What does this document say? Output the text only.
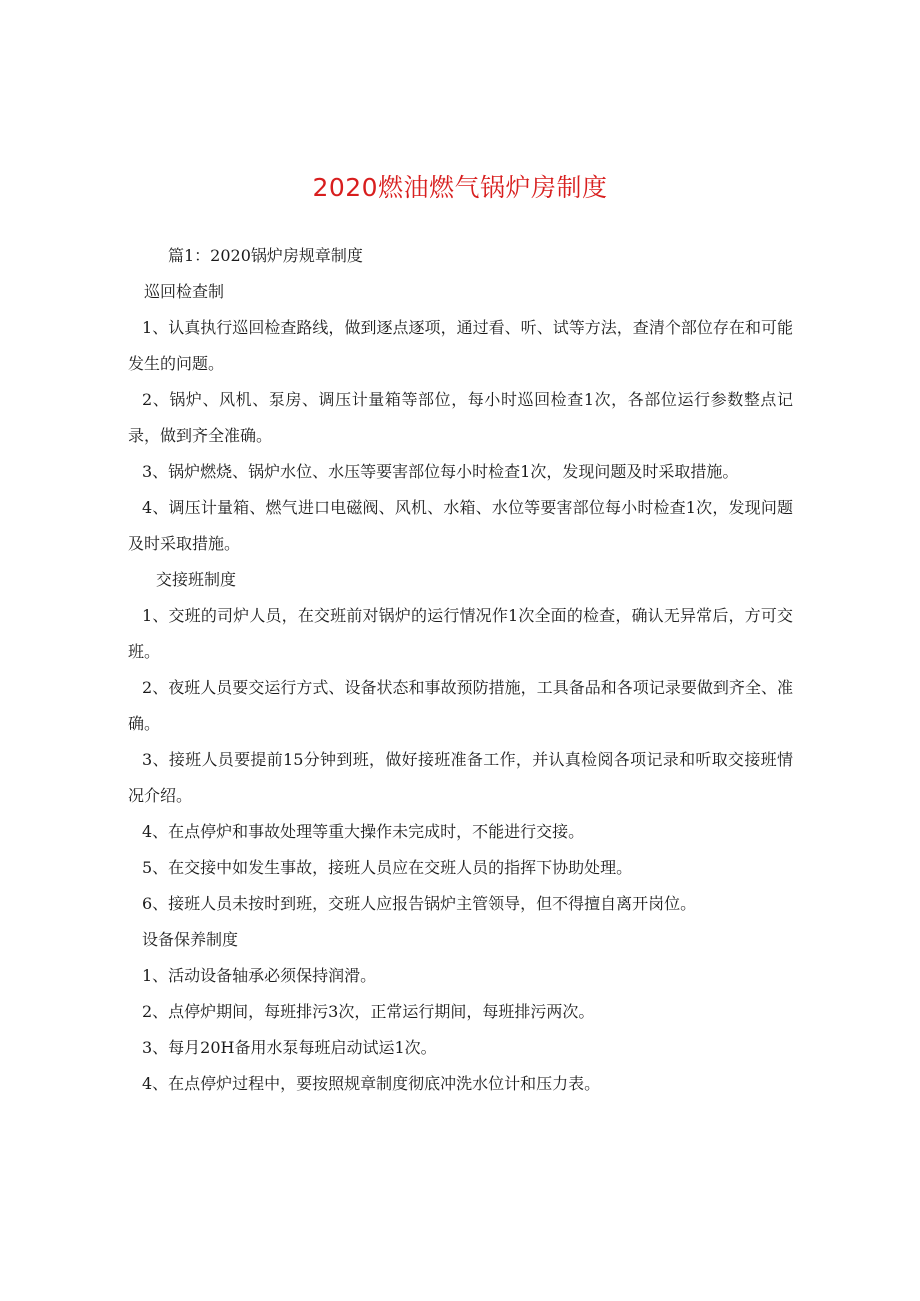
2020燃油燃气锅炉房制度

篇1：2020锅炉房规章制度

巡回检查制

1、认真执行巡回检查路线，做到逐点逐项，通过看、听、试等方法，查清个部位存在和可能发生的问题。

2、锅炉、风机、泵房、调压计量箱等部位，每小时巡回检查1次，各部位运行参数整点记录，做到齐全准确。

3、锅炉燃烧、锅炉水位、水压等要害部位每小时检查1次，发现问题及时采取措施。

4、调压计量箱、燃气进口电磁阀、风机、水箱、水位等要害部位每小时检查1次，发现问题及时采取措施。

交接班制度

1、交班的司炉人员，在交班前对锅炉的运行情况作1次全面的检查，确认无异常后，方可交班。

2、夜班人员要交运行方式、设备状态和事故预防措施，工具备品和各项记录要做到齐全、准确。

3、接班人员要提前15分钟到班，做好接班准备工作，并认真检阅各项记录和听取交接班情况介绍。

4、在点停炉和事故处理等重大操作未完成时，不能进行交接。

5、在交接中如发生事故，接班人员应在交班人员的指挥下协助处理。

6、接班人员未按时到班，交班人应报告锅炉主管领导，但不得擅自离开岗位。

设备保养制度

1、活动设备轴承必须保持润滑。

2、点停炉期间，每班排污3次，正常运行期间，每班排污两次。

3、每月20H备用水泵每班启动试运1次。

4、在点停炉过程中，要按照规章制度彻底冲洗水位计和压力表。
